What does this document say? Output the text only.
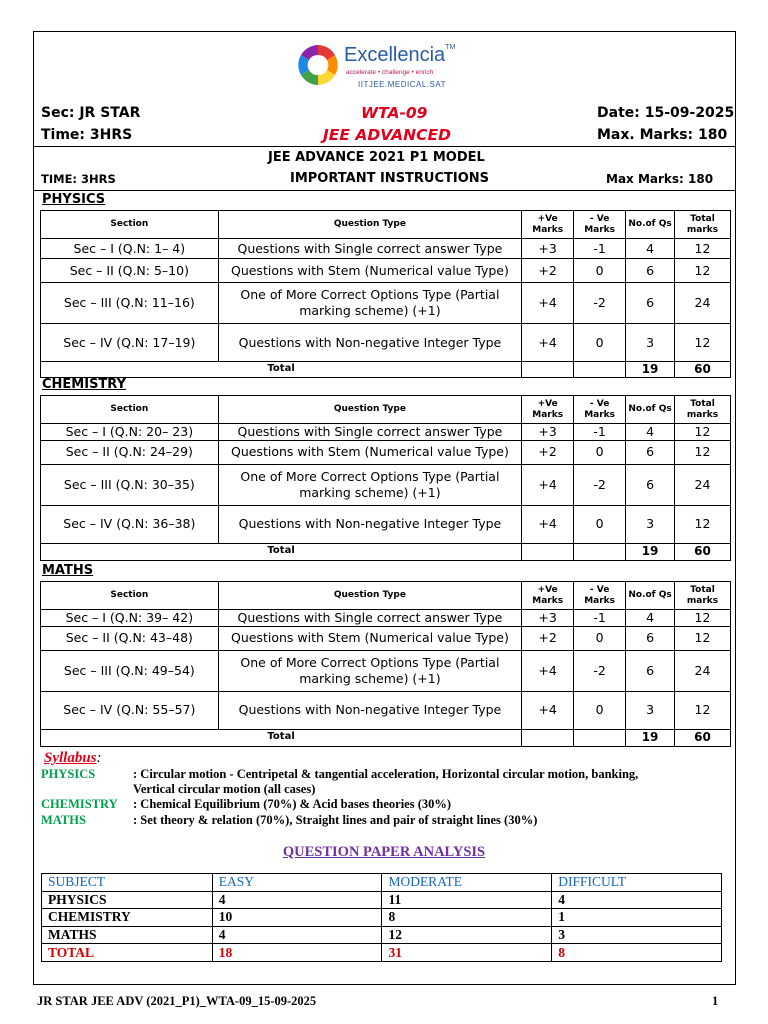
Excellencia™
accelerate • challenge • enrich
IITJEE.MEDICAL.SAT
Sec: JR STAR
Time: 3HRS
WTA-09
JEE ADVANCED
Date: 15-09-2025
Max. Marks: 180
JEE ADVANCE 2021 P1 MODEL
TIME: 3HRS	IMPORTANT INSTRUCTIONS	Max Marks: 180
PHYSICS
Section	Question Type	+Ve Marks	- Ve Marks	No.of Qs	Total marks
Sec – I (Q.N: 1– 4)	Questions with Single correct answer Type	+3	-1	4	12
Sec – II (Q.N: 5–10)	Questions with Stem (Numerical value Type)	+2	0	6	12
Sec – III (Q.N: 11–16)	One of More Correct Options Type (Partial marking scheme) (+1)	+4	-2	6	24
Sec – IV (Q.N: 17–19)	Questions with Non-negative Integer Type	+4	0	3	12
Total				19	60
CHEMISTRY
Section	Question Type	+Ve Marks	- Ve Marks	No.of Qs	Total marks
Sec – I (Q.N: 20– 23)	Questions with Single correct answer Type	+3	-1	4	12
Sec – II (Q.N: 24–29)	Questions with Stem (Numerical value Type)	+2	0	6	12
Sec – III (Q.N: 30–35)	One of More Correct Options Type (Partial marking scheme) (+1)	+4	-2	6	24
Sec – IV (Q.N: 36–38)	Questions with Non-negative Integer Type	+4	0	3	12
Total				19	60
MATHS
Section	Question Type	+Ve Marks	- Ve Marks	No.of Qs	Total marks
Sec – I (Q.N: 39– 42)	Questions with Single correct answer Type	+3	-1	4	12
Sec – II (Q.N: 43–48)	Questions with Stem (Numerical value Type)	+2	0	6	12
Sec – III (Q.N: 49–54)	One of More Correct Options Type (Partial marking scheme) (+1)	+4	-2	6	24
Sec – IV (Q.N: 55–57)	Questions with Non-negative Integer Type	+4	0	3	12
Total				19	60
Syllabus:
PHYSICS	: Circular motion - Centripetal & tangential acceleration, Horizontal circular motion, banking,
Vertical circular motion (all cases)
CHEMISTRY : Chemical Equilibrium (70%) & Acid bases theories (30%)
MATHS	: Set theory & relation (70%), Straight lines and pair of straight lines (30%)
QUESTION PAPER ANALYSIS
SUBJECT	EASY	MODERATE	DIFFICULT
PHYSICS	4	11	4
CHEMISTRY	10	8	1
MATHS	4	12	3
TOTAL	18	31	8
JR STAR JEE ADV (2021_P1)_WTA-09_15-09-2025	1
